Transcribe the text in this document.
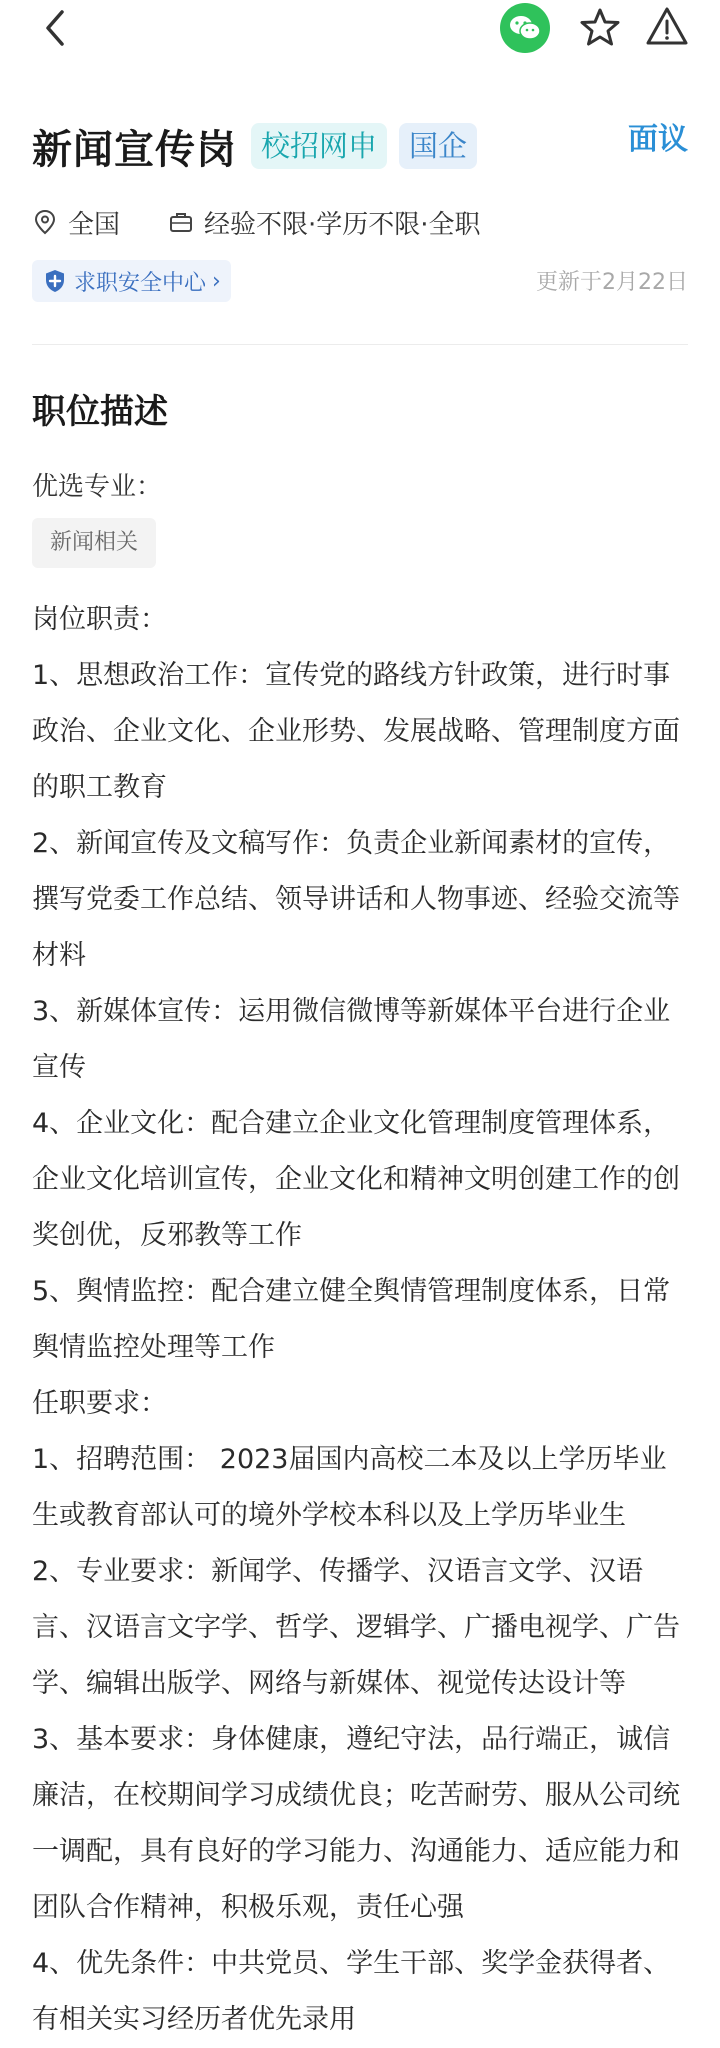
新闻宣传岗 校招网申	国企	面议
全国	经验不限·学历不限·全职
求职安全中心 ›	更新于2月22日
职位描述
优选专业：
新闻相关

岗位职责：

1、思想政治工作：宣传党的路线方针政策，进行时事政治、企业文化、企业形势、发展战略、管理制度方面的职工教育

2、新闻宣传及文稿写作：负责企业新闻素材的宣传，撰写党委工作总结、领导讲话和人物事迹、经验交流等材料

3、新媒体宣传：运用微信微博等新媒体平台进行企业宣传

4、企业文化：配合建立企业文化管理制度管理体系，企业文化培训宣传，企业文化和精神文明创建工作的创奖创优，反邪教等工作

5、舆情监控：配合建立健全舆情管理制度体系，日常舆情监控处理等工作

任职要求：

1、招聘范围： 2023届国内高校二本及以上学历毕业生或教育部认可的境外学校本科以及上学历毕业生

2、专业要求：新闻学、传播学、汉语言文学、汉语言、汉语言文字学、哲学、逻辑学、广播电视学、广告学、编辑出版学、网络与新媒体、视觉传达设计等

3、基本要求：身体健康，遵纪守法，品行端正，诚信廉洁，在校期间学习成绩优良；吃苦耐劳、服从公司统一调配，具有良好的学习能力、沟通能力、适应能力和团队合作精神，积极乐观，责任心强

4、优先条件：中共党员、学生干部、奖学金获得者、有相关实习经历者优先录用
